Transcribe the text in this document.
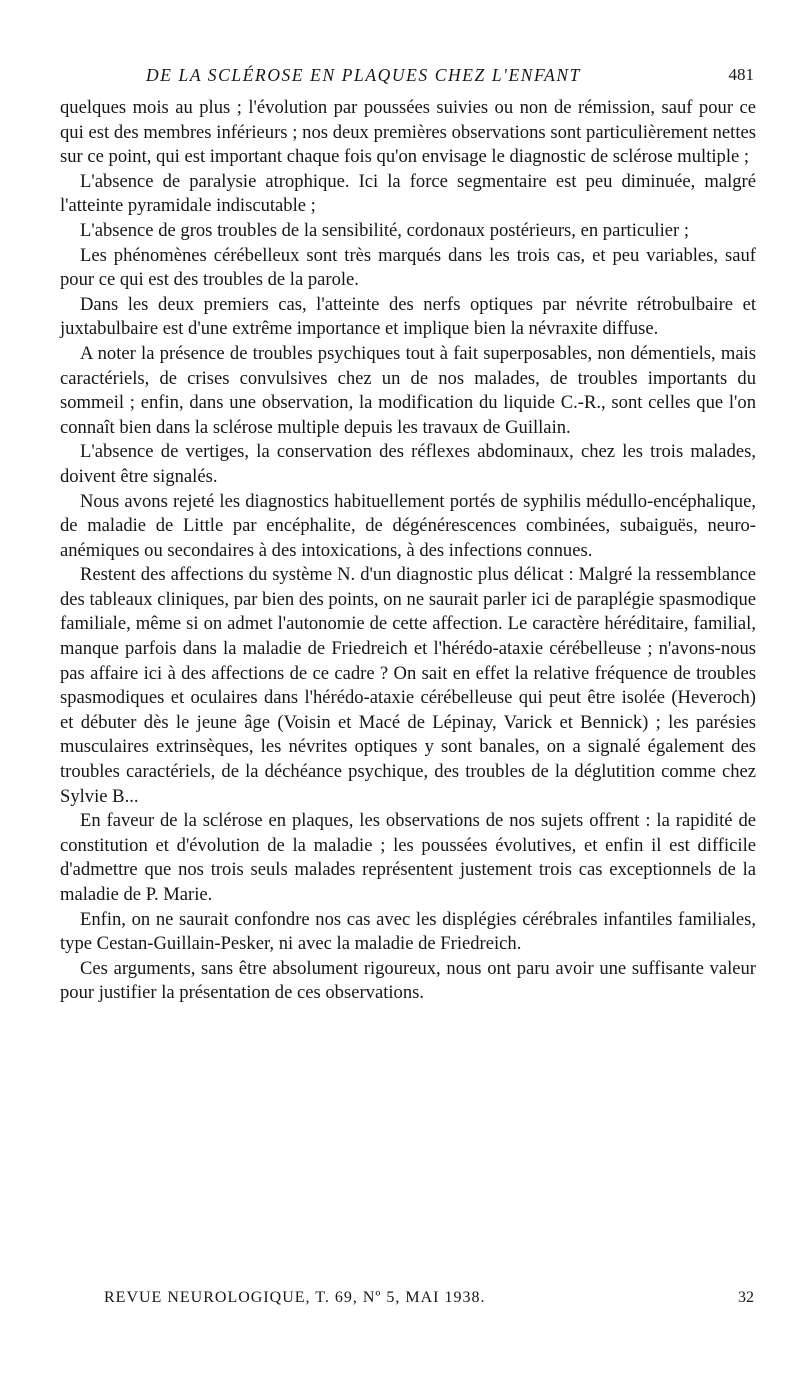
DE LA SCLÉROSE EN PLAQUES CHEZ L'ENFANT	481

quelques mois au plus ; l'évolution par poussées suivies ou non de rémission, sauf pour ce qui est des membres inférieurs ; nos deux premières observations sont particulièrement nettes sur ce point, qui est important chaque fois qu'on envisage le diagnostic de sclérose multiple ;

L'absence de paralysie atrophique. Ici la force segmentaire est peu diminuée, malgré l'atteinte pyramidale indiscutable ;

L'absence de gros troubles de la sensibilité, cordonaux postérieurs, en particulier ;

Les phénomènes cérébelleux sont très marqués dans les trois cas, et peu variables, sauf pour ce qui est des troubles de la parole.

Dans les deux premiers cas, l'atteinte des nerfs optiques par névrite rétrobulbaire et juxtabulbaire est d'une extrême importance et implique bien la névraxite diffuse.

A noter la présence de troubles psychiques tout à fait superposables, non démentiels, mais caractériels, de crises convulsives chez un de nos malades, de troubles importants du sommeil ; enfin, dans une observation, la modification du liquide C.-R., sont celles que l'on connaît bien dans la sclérose multiple depuis les travaux de Guillain.

L'absence de vertiges, la conservation des réflexes abdominaux, chez les trois malades, doivent être signalés.

Nous avons rejeté les diagnostics habituellement portés de syphilis médullo-encéphalique, de maladie de Little par encéphalite, de dégénérescences combinées, subaiguës, neuro-anémiques ou secondaires à des intoxications, à des infections connues.

Restent des affections du système N. d'un diagnostic plus délicat : Malgré la ressemblance des tableaux cliniques, par bien des points, on ne saurait parler ici de paraplégie spasmodique familiale, même si on admet l'autonomie de cette affection. Le caractère héréditaire, familial, manque parfois dans la maladie de Friedreich et l'hérédo-ataxie cérébelleuse ; n'avons-nous pas affaire ici à des affections de ce cadre ? On sait en effet la relative fréquence de troubles spasmodiques et oculaires dans l'hérédo-ataxie cérébelleuse qui peut être isolée (Heveroch) et débuter dès le jeune âge (Voisin et Macé de Lépinay, Varick et Bennick) ; les parésies musculaires extrinsèques, les névrites optiques y sont banales, on a signalé également des troubles caractériels, de la déchéance psychique, des troubles de la déglutition comme chez Sylvie B...

En faveur de la sclérose en plaques, les observations de nos sujets offrent : la rapidité de constitution et d'évolution de la maladie ; les poussées évolutives, et enfin il est difficile d'admettre que nos trois seuls malades représentent justement trois cas exceptionnels de la maladie de P. Marie.

Enfin, on ne saurait confondre nos cas avec les displégies cérébrales infantiles familiales, type Cestan-Guillain-Pesker, ni avec la maladie de Friedreich.

Ces arguments, sans être absolument rigoureux, nous ont paru avoir une suffisante valeur pour justifier la présentation de ces observations.

REVUE NEUROLOGIQUE, T. 69, Nº 5, MAI 1938.	32
